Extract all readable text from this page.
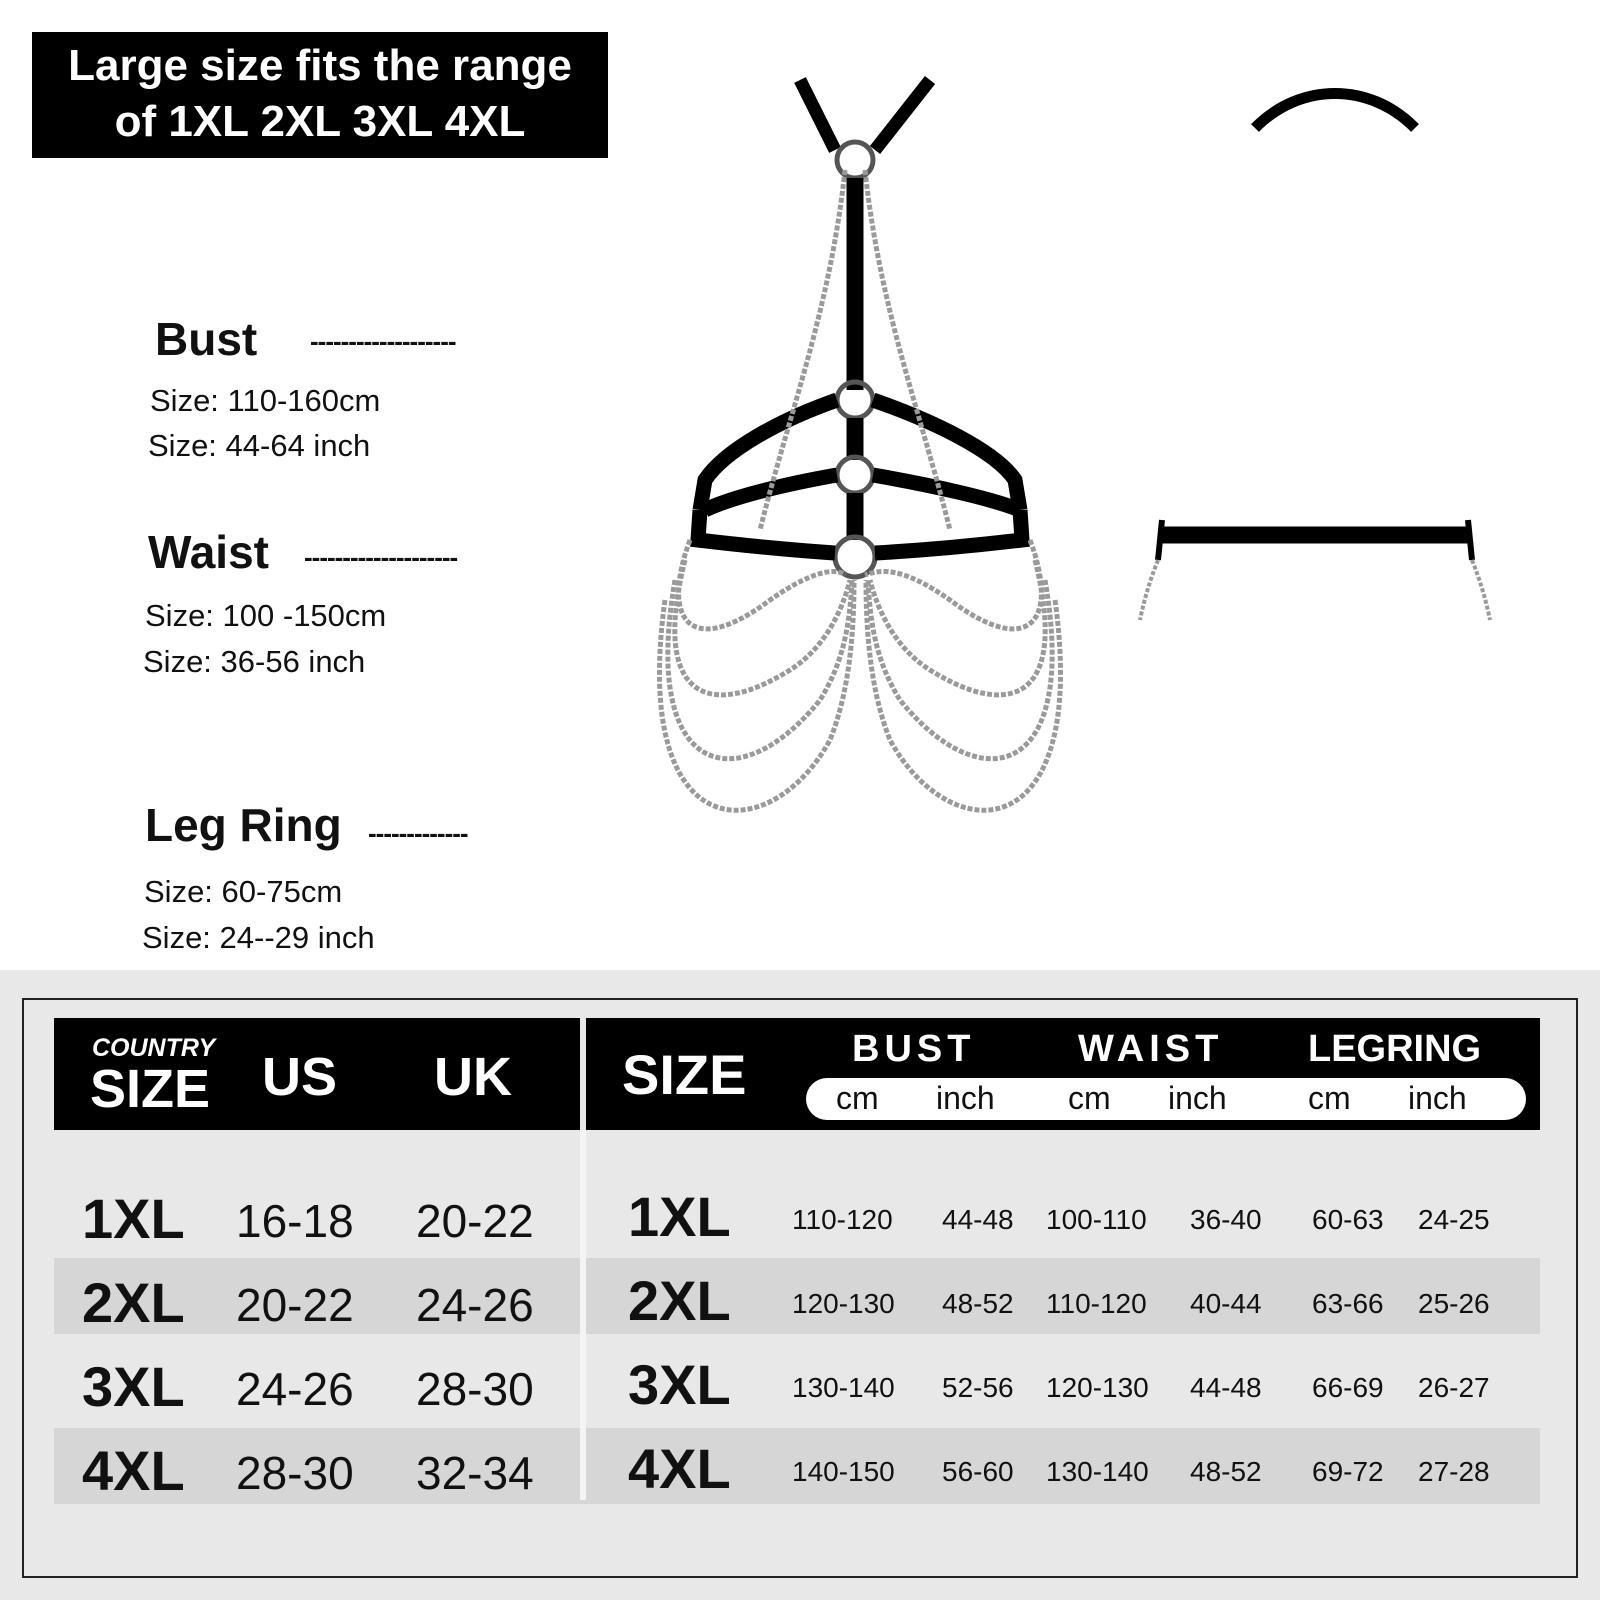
Large size fits the range
of 1XL 2XL 3XL 4XL
Bust -------------------
Size: 110-160cm
Size: 44-64 inch
Waist --------------------
Size: 100 -150cm
Size: 36-56 inch
Leg Ring -------------
Size: 60-75cm
Size: 24--29 inch
COUNTRY
SIZE US UK SIZE	BUST	WAIST LEGRING
cm inch cm inch	cm inch
1XL 16-18 20-22 1XL 110-120 44-48 100-110 36-40 60-63 24-25
2XL 20-22 24-26 2XL 120-130 48-52 110-120 40-44 63-66 25-26
3XL 24-26 28-30 3XL 130-140 52-56 120-130 44-48 66-69 26-27
4XL 28-30 32-34 4XL 140-150 56-60 130-140 48-52 69-72 27-28
